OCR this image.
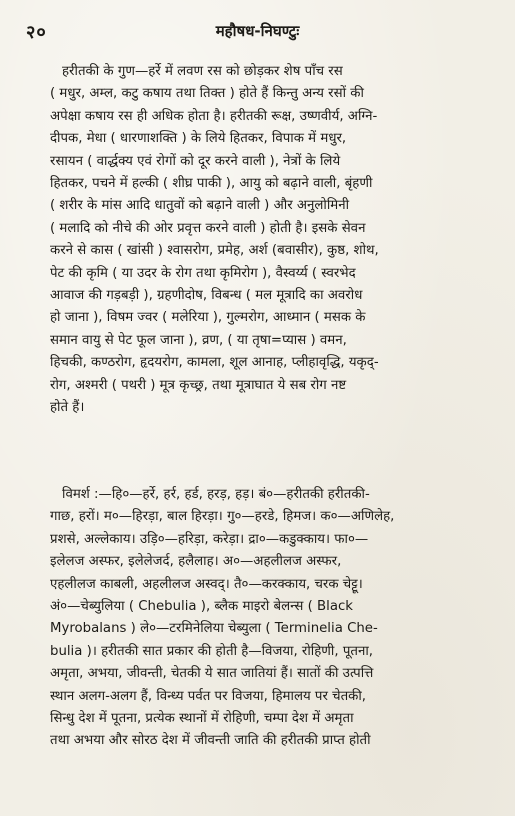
२०	महौषध-निघण्टुः
हरीतकी के गुण—हर्रे में लवण रस को छोड़कर शेष पाँच रस
( मधुर, अम्ल, कटु कषाय तथा तिक्त ) होते हैं किन्तु अन्य रसों की
अपेक्षा कषाय रस ही अधिक होता है। हरीतकी रूक्ष, उष्णवीर्य, अग्नि-
दीपक, मेधा ( धारणाशक्ति ) के लिये हितकर, विपाक में मधुर,
रसायन ( वार्द्धक्य एवं रोगों को दूर करने वाली ), नेत्रों के लिये
हितकर, पचने में हल्की ( शीघ्र पाकी ), आयु को बढ़ाने वाली, बृंहणी
( शरीर के मांस आदि धातुवों को बढ़ाने वाली ) और अनुलोमिनी
( मलादि को नीचे की ओर प्रवृत्त करने वाली ) होती है। इसके सेवन
करने से कास ( खांसी ) श्वासरोग, प्रमेह, अर्श (बवासीर), कुष्ठ, शोथ,
पेट की कृमि ( या उदर के रोग तथा कृमिरोग ), वैस्वर्य्य ( स्वरभेद
आवाज की गड़बड़ी ), ग्रहणीदोष, विबन्ध ( मल मूत्रादि का अवरोध
हो जाना ), विषम ज्वर ( मलेरिया ), गुल्मरोग, आध्मान ( मसक के
समान वायु से पेट फूल जाना ), व्रण, ( या तृषा=प्यास ) वमन,
हिचकी, कण्ठरोग, हृदयरोग, कामला, शूल आनाह, प्लीहावृद्धि, यकृद्-
रोग, अश्मरी ( पथरी ) मूत्र कृच्छ्र, तथा मूत्राघात ये सब रोग नष्ट
होते हैं।
विमर्श :—हि०—हर्रे, हर्र, हर्ड, हरड़, हड़। बं०—हरीतकी हरीतकी-
गाछ, हरों। म०—हिरड़ा, बाल हिरड़ा। गु०—हरडे, हिमज। क०—अणिलेह,
प्रशसे, अल्लेकाय। उड़ि०—हरिड़ा, करेड़ा। द्रा०—कडुक्काय। फा०—
इलेलज अस्फर, इलेलेजर्द, हलैलाह। अ०—अहलीलज अस्फर,
एहलीलज काबली, अहलीलज अस्वद्। तै०—करक्काय, चरक चेट्टू।
अं०—चेब्युलिया ( Chebulia ), ब्लैक माइरो बेलन्स ( Black
Myrobalans ) ले०—टरमिनेलिया चेब्युला ( Terminelia Che-
bulia )। हरीतकी सात प्रकार की होती है—विजया, रोहिणी, पूतना,
अमृता, अभया, जीवन्ती, चेतकी ये सात जातियां हैं। सातों की उत्पत्ति
स्थान अलग-अलग हैं, विन्ध्य पर्वत पर विजया, हिमालय पर चेतकी,
सिन्धु देश में पूतना, प्रत्येक स्थानों में रोहिणी, चम्पा देश में अमृता
तथा अभया और सोरठ देश में जीवन्ती जाति की हरीतकी प्राप्त होती
